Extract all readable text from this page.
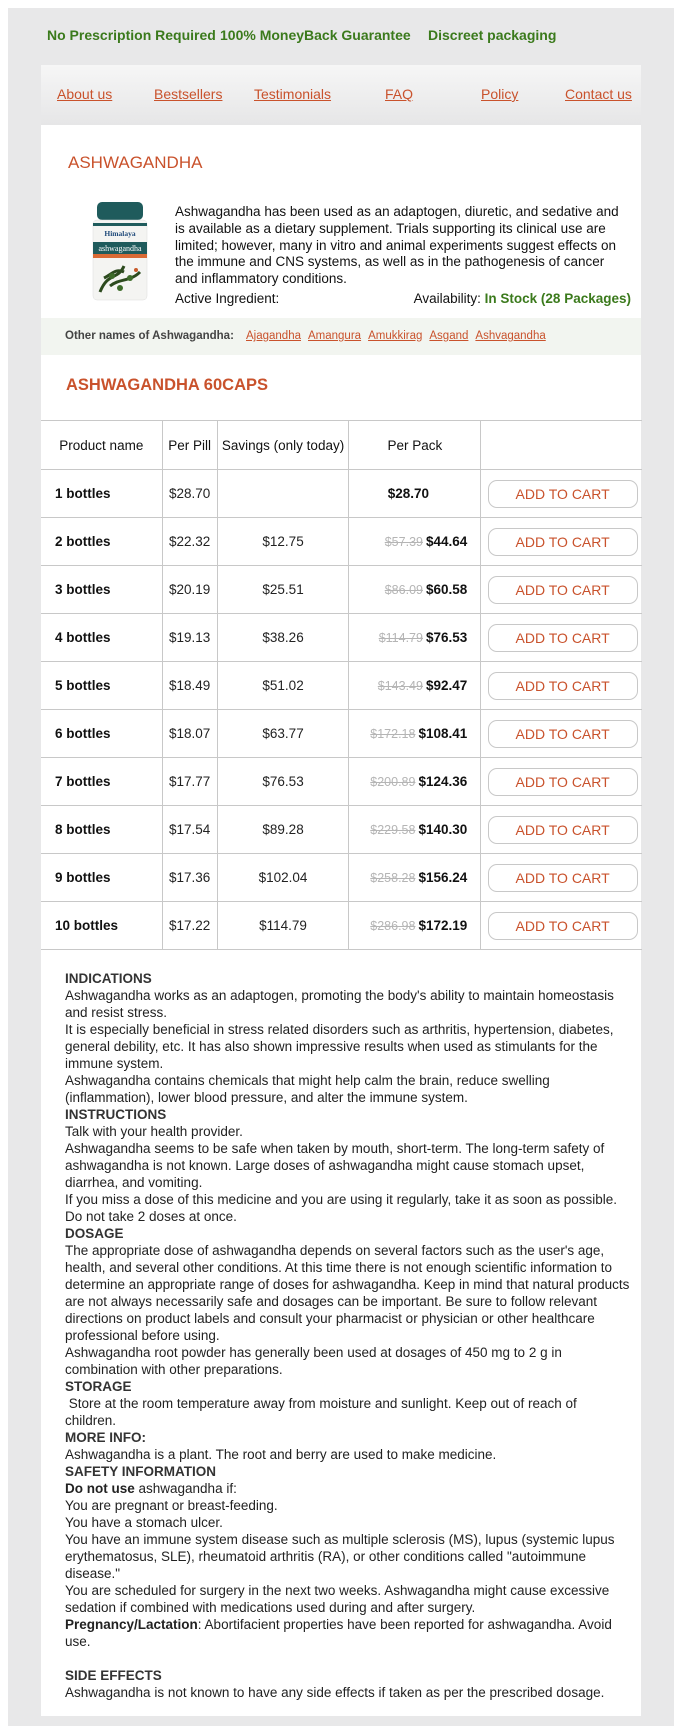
No Prescription Required 100% MoneyBack Guarantee Discreet packaging
About us	Bestsellers Testimonials	FAQ	Policy	Contact us
ASHWAGANDHA
Himalaya
ashwagandha
Ashwagandha has been used as an adaptogen, diuretic, and sedative and is available as a dietary supplement. Trials supporting its clinical use are limited; however, many in vitro and animal experiments suggest effects on the immune and CNS systems, as well as in the pathogenesis of cancer and inflammatory conditions.
Active Ingredient:	Availability: In Stock (28 Packages)
Other names of Ashwagandha: Ajagandha Amangura Amukkirag Asgand Ashvagandha
ASHWAGANDHA 60CAPS
Product name	Per Pill	Savings (only today)	Per Pack	
1 bottles	$28.70		$28.70	ADD TO CART
2 bottles	$22.32	$12.75	$57.39 $44.64	ADD TO CART
3 bottles	$20.19	$25.51	$86.09 $60.58	ADD TO CART
4 bottles	$19.13	$38.26	$114.79 $76.53	ADD TO CART
5 bottles	$18.49	$51.02	$143.49 $92.47	ADD TO CART
6 bottles	$18.07	$63.77	$172.18 $108.41	ADD TO CART
7 bottles	$17.77	$76.53	$200.89 $124.36	ADD TO CART
8 bottles	$17.54	$89.28	$229.58 $140.30	ADD TO CART
9 bottles	$17.36	$102.04	$258.28 $156.24	ADD TO CART
10 bottles	$17.22	$114.79	$286.98 $172.19	ADD TO CART
INDICATIONS

Ashwagandha works as an adaptogen, promoting the body's ability to maintain homeostasis and resist stress.

It is especially beneficial in stress related disorders such as arthritis, hypertension, diabetes, general debility, etc. It has also shown impressive results when used as stimulants for the immune system.

Ashwagandha contains chemicals that might help calm the brain, reduce swelling (inflammation), lower blood pressure, and alter the immune system.

INSTRUCTIONS

Talk with your health provider.

Ashwagandha seems to be safe when taken by mouth, short-term. The long-term safety of ashwagandha is not known. Large doses of ashwagandha might cause stomach upset, diarrhea, and vomiting.

If you miss a dose of this medicine and you are using it regularly, take it as soon as possible. Do not take 2 doses at once.

DOSAGE

The appropriate dose of ashwagandha depends on several factors such as the user's age, health, and several other conditions. At this time there is not enough scientific information to determine an appropriate range of doses for ashwagandha. Keep in mind that natural products are not always necessarily safe and dosages can be important. Be sure to follow relevant directions on product labels and consult your pharmacist or physician or other healthcare professional before using.

Ashwagandha root powder has generally been used at dosages of 450 mg to 2 g in combination with other preparations.

STORAGE

Store at the room temperature away from moisture and sunlight. Keep out of reach of children.

MORE INFO:

Ashwagandha is a plant. The root and berry are used to make medicine.

SAFETY INFORMATION

Do not use ashwagandha if:

You are pregnant or breast-feeding.

You have a stomach ulcer.

You have an immune system disease such as multiple sclerosis (MS), lupus (systemic lupus erythematosus, SLE), rheumatoid arthritis (RA), or other conditions called "autoimmune disease."

You are scheduled for surgery in the next two weeks. Ashwagandha might cause excessive sedation if combined with medications used during and after surgery.

Pregnancy/Lactation: Abortifacient properties have been reported for ashwagandha. Avoid use.

SIDE EFFECTS

Ashwagandha is not known to have any side effects if taken as per the prescribed dosage.
